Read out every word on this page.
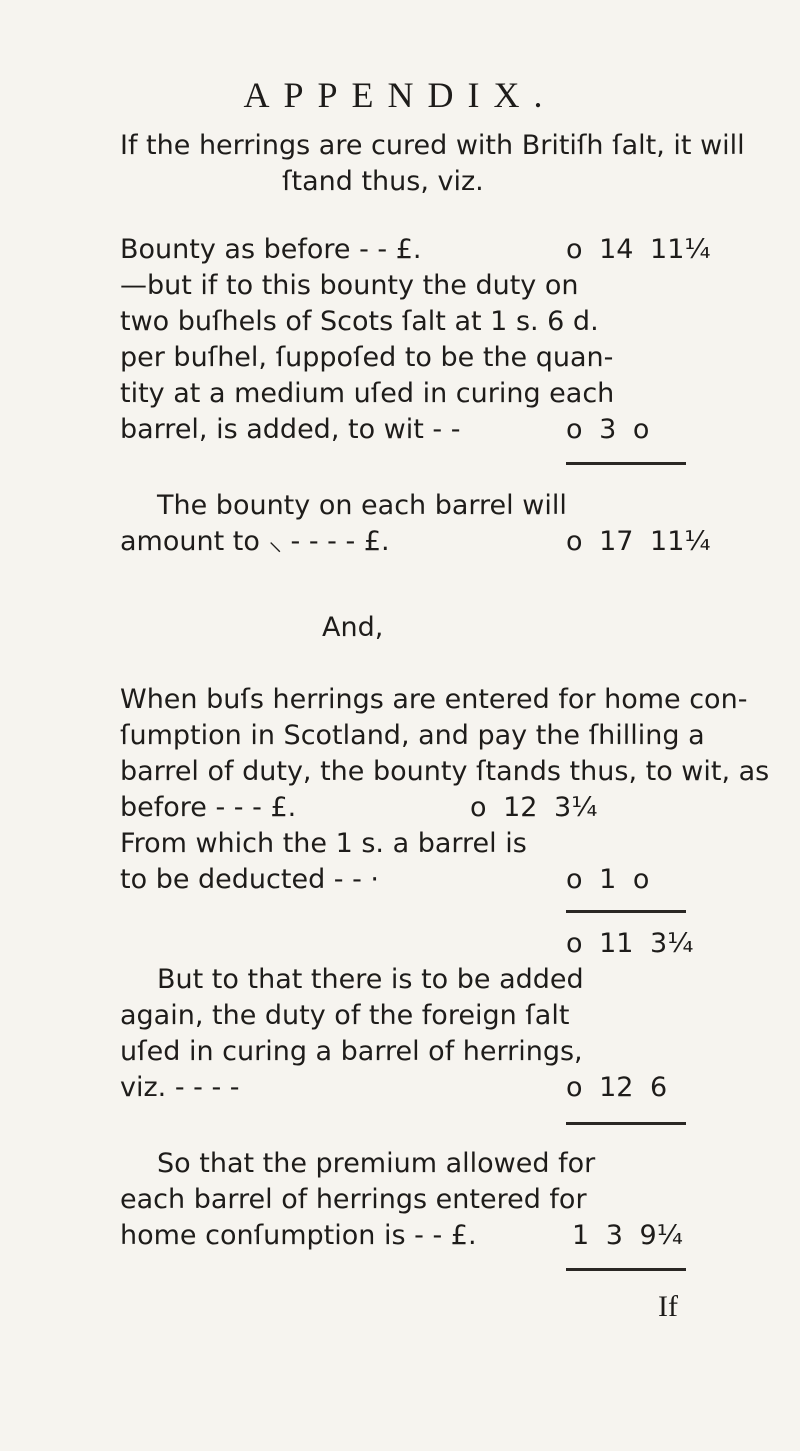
APPENDIX.
If the herrings are cured with Britiſh ſalt, it will
ſtand thus, viz.
Bounty as before - - £.	o 14 11¼
—but if to this bounty the duty on
two buſhels of Scots ſalt at 1 s. 6 d.
per buſhel, ſuppoſed to be the quan-
tity at a medium uſed in curing each
barrel, is added, to wit - -	o 3 o
The bounty on each barrel will
amount to ⸜ - - - - £.	o 17 11¼
And,
When buſs herrings are entered for home con-
ſumption in Scotland, and pay the ſhilling a
barrel of duty, the bounty ſtands thus, to wit, as
before - - - £.	o 12 3¼
From which the 1 s. a barrel is
to be deducted - - ·	o 1 o
o 11 3¼
But to that there is to be added
again, the duty of the foreign ſalt
uſed in curing a barrel of herrings,
viz. - - - -	o 12 6
So that the premium allowed for
each barrel of herrings entered for
home conſumption is - - £.	1 3 9¼
If
